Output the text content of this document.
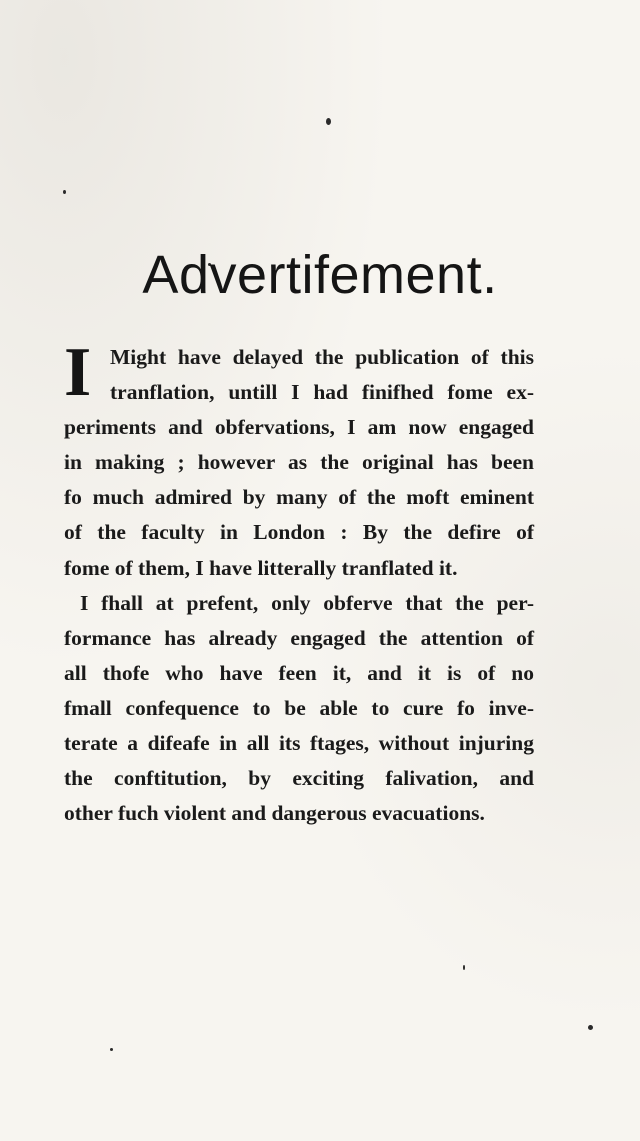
Advertifement.
I Might have delayed the publication of this
tranflation, untill I had finifhed fome ex-
periments and obfervations, I am now engaged
in making ; however as the original has been
fo much admired by many of the moft eminent
of the faculty in London : By the defire of
fome of them, I have litterally tranflated it.
I fhall at prefent, only obferve that the per-
formance has already engaged the attention of
all thofe who have feen it, and it is of no
fmall confequence to be able to cure fo inve-
terate a difeafe in all its ftages, without injuring
the conftitution, by exciting falivation, and
other fuch violent and dangerous evacuations.
